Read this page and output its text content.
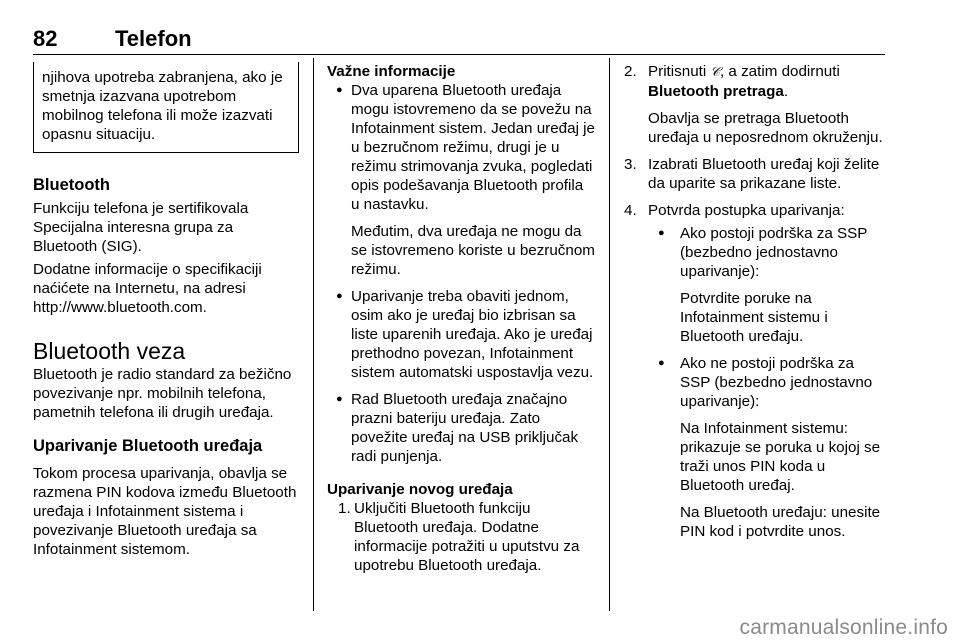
82	Telefon

njihova upotreba zabranjena, ako je smetnja izazvana upotrebom mobilnog telefona ili može izazvati opasnu situaciju.

Bluetooth

Funkciju telefona je sertifikovala Specijalna interesna grupa za Bluetooth (SIG).

Dodatne informacije o specifikaciji naćićete na Internetu, na adresi http://www.bluetooth.com.

Bluetooth veza

Bluetooth je radio standard za bežično povezivanje npr. mobilnih telefona, pametnih telefona ili drugih uređaja.

Uparivanje Bluetooth uređaja

Tokom procesa uparivanja, obavlja se razmena PIN kodova između Bluetooth uređaja i Infotainment sistema i povezivanje Bluetooth uređaja sa Infotainment sistemom.

Važne informacije

● Dva uparena Bluetooth uređaja mogu istovremeno da se povežu na Infotainment sistem. Jedan uređaj je u bezručnom režimu, drugi je u režimu strimovanja zvuka, pogledati opis podešavanja Bluetooth profila u nastavku.

Međutim, dva uređaja ne mogu da se istovremeno koriste u bezručnom režimu.

● Uparivanje treba obaviti jednom, osim ako je uređaj bio izbrisan sa liste uparenih uređaja. Ako je uređaj prethodno povezan, Infotainment sistem automatski uspostavlja vezu.

● Rad Bluetooth uređaja značajno prazni bateriju uređaja. Zato povežite uređaj na USB priključak radi punjenja.

Uparivanje novog uređaja

1. Uključiti Bluetooth funkciju Bluetooth uređaja. Dodatne informacije potražiti u uputstvu za upotrebu Bluetooth uređaja.
2. Pritisnuti 𝒞, a zatim dodirnuti Bluetooth pretraga.

Obavlja se pretraga Bluetooth uređaja u neposrednom okruženju.

3. Izabrati Bluetooth uređaj koji želite da uparite sa prikazane liste.
4. Potvrda postupka uparivanja:

● Ako postoji podrška za SSP (bezbedno jednostavno uparivanje):

Potvrdite poruke na Infotainment sistemu i Bluetooth uređaju.

● Ako ne postoji podrška za SSP (bezbedno jednostavno uparivanje):

Na Infotainment sistemu: prikazuje se poruka u kojoj se traži unos PIN koda u Bluetooth uređaj.

Na Bluetooth uređaju: unesite PIN kod i potvrdite unos.

carmanualsonline.info
